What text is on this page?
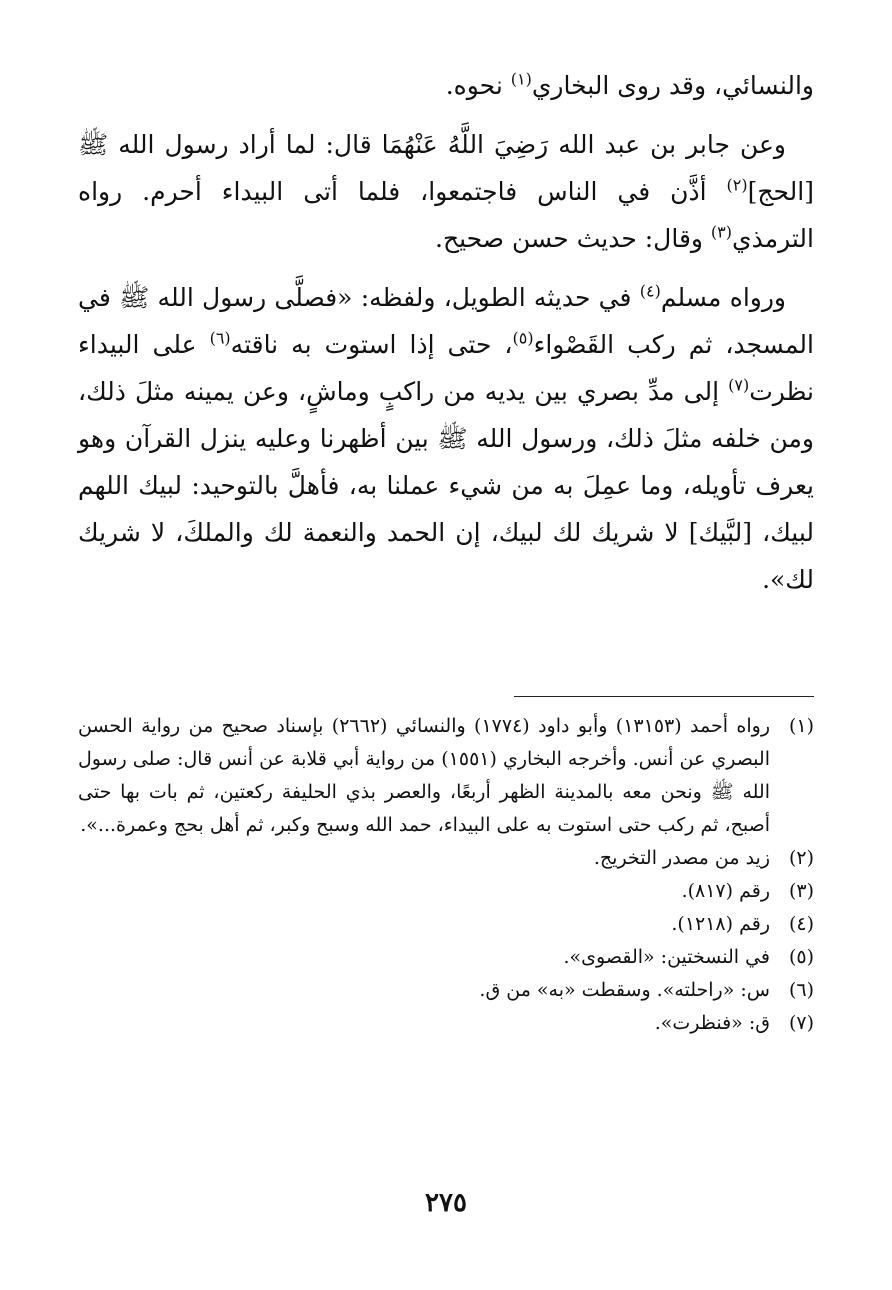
والنسائي، وقد روى البخاري$^{(١)}$ نحوه.

وعن جابر بن عبد الله رَضِيَ اللَّهُ عَنْهُمَا قال: لما أراد رسول الله ﷺ [الحج]$^{(٢)}$ أذَّن في الناس فاجتمعوا، فلما أتى البيداء أحرم. رواه الترمذي$^{(٣)}$ وقال: حديث حسن صحيح.

ورواه مسلم$^{(٤)}$ في حديثه الطويل، ولفظه: «فصلَّى رسول الله ﷺ في المسجد، ثم ركب القَصْواء$^{(٥)}$، حتى إذا استوت به ناقته$^{(٦)}$ على البيداء نظرت$^{(٧)}$ إلى مدِّ بصري بين يديه من راكبٍ وماشٍ، وعن يمينه مثلَ ذلك، ومن خلفه مثلَ ذلك، ورسول الله ﷺ بين أظهرنا وعليه ينزل القرآن وهو يعرف تأويله، وما عمِلَ به من شيء عملنا به، فأهلَّ بالتوحيد: لبيك اللهم لبيك، [لبَّيك] لا شريك لك لبيك، إن الحمد والنعمة لك والملكَ، لا شريك لك».

(١)
رواه أحمد (١٣١٥٣) وأبو داود (١٧٧٤) والنسائي (٢٦٦٢) بإسناد صحيح من رواية الحسن البصري عن أنس. وأخرجه البخاري (١٥٥١) من رواية أبي قلابة عن أنس قال: صلى رسول الله ﷺ ونحن معه بالمدينة الظهر أربعًا، والعصر بذي الحليفة ركعتين، ثم بات بها حتى أصبح، ثم ركب حتى استوت به على البيداء، حمد الله وسبح وكبر، ثم أهل بحج وعمرة...».
(٢)
زيد من مصدر التخريج.
(٣)
رقم (٨١٧).
(٤)
رقم (١٢١٨).
(٥)
في النسختين: «القصوى».
(٦)
س: «راحلته». وسقطت «به» من ق.
(٧)
ق: «فنظرت».
٢٧٥
